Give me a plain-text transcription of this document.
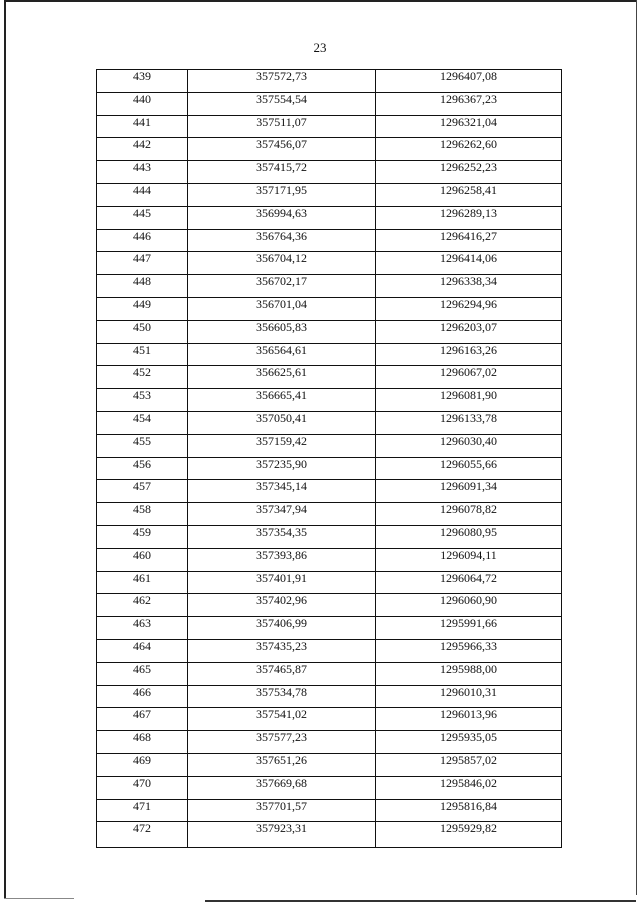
23
439	357572,73	1296407,08
440	357554,54	1296367,23
441	357511,07	1296321,04
442	357456,07	1296262,60
443	357415,72	1296252,23
444	357171,95	1296258,41
445	356994,63	1296289,13
446	356764,36	1296416,27
447	356704,12	1296414,06
448	356702,17	1296338,34
449	356701,04	1296294,96
450	356605,83	1296203,07
451	356564,61	1296163,26
452	356625,61	1296067,02
453	356665,41	1296081,90
454	357050,41	1296133,78
455	357159,42	1296030,40
456	357235,90	1296055,66
457	357345,14	1296091,34
458	357347,94	1296078,82
459	357354,35	1296080,95
460	357393,86	1296094,11
461	357401,91	1296064,72
462	357402,96	1296060,90
463	357406,99	1295991,66
464	357435,23	1295966,33
465	357465,87	1295988,00
466	357534,78	1296010,31
467	357541,02	1296013,96
468	357577,23	1295935,05
469	357651,26	1295857,02
470	357669,68	1295846,02
471	357701,57	1295816,84
472	357923,31	1295929,82
